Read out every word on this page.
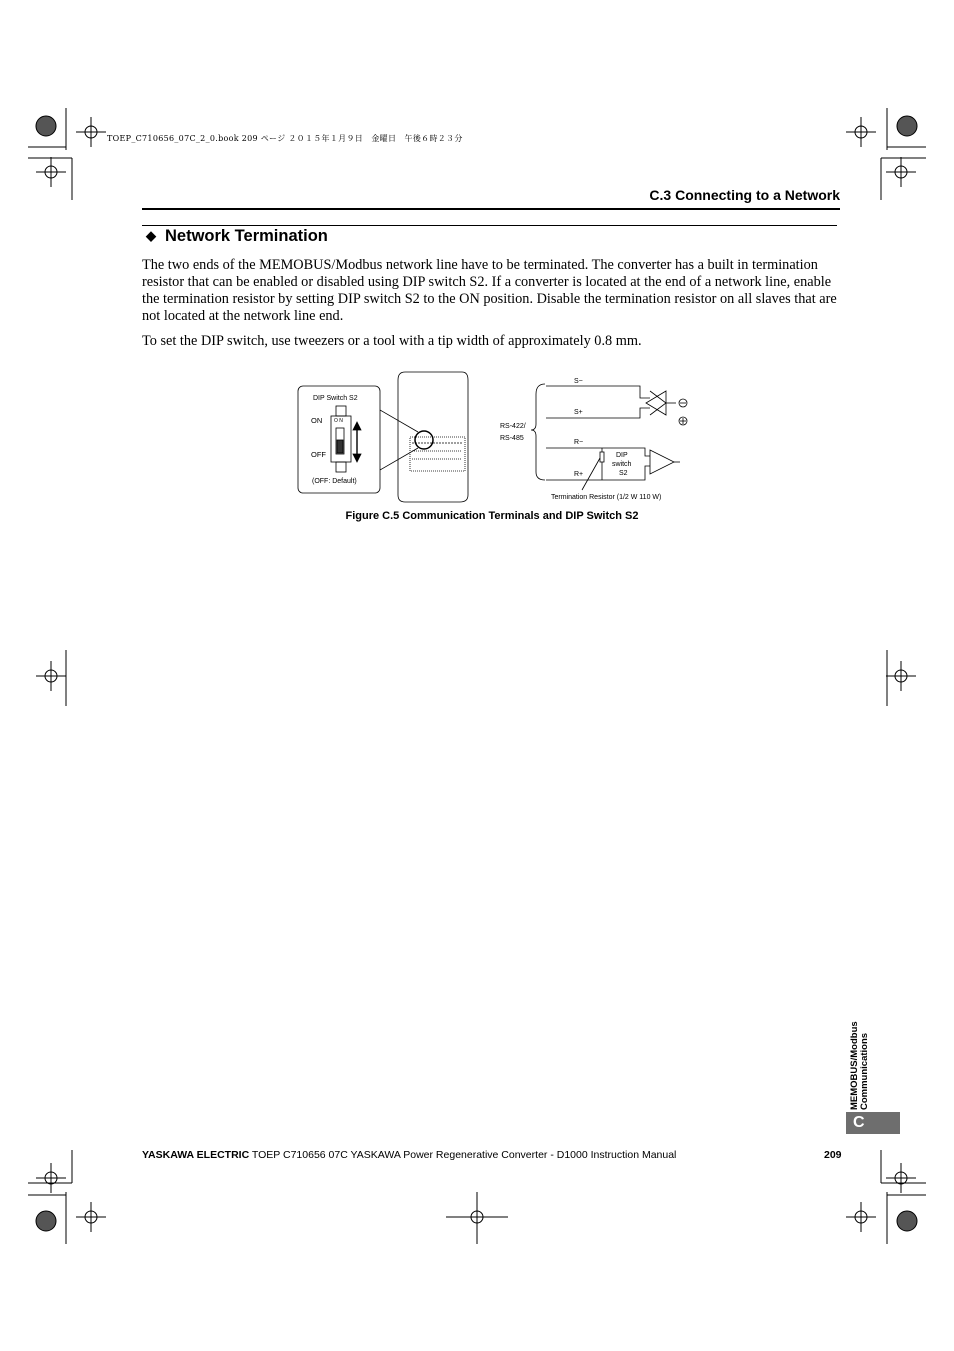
TOEP_C710656_07C_2_0.book 209 ページ ２０１５年１月９日　金曜日　午後６時２３分
C.3 Connecting to a Network
◆ Network Termination
The two ends of the MEMOBUS/Modbus network line have to be terminated. The converter has a built in termination resistor that can be enabled or disabled using DIP switch S2. If a converter is located at the end of a network line, enable the termination resistor by setting DIP switch S2 to the ON position. Disable the termination resistor on all slaves that are not located at the network line end.
To set the DIP switch, use tweezers or a tool with a tip width of approximately 0.8 mm.
DIP Switch S2
ON
OFF
O N
(OFF: Default)
RS-422/
RS-485
S−
S+
R−
R+
DIP
switch
S2
Termination Resistor (1/2 W 110 W)
Figure C.5 Communication Terminals and DIP Switch S2
MEMOBUS/Modbus Communications
C
YASKAWA ELECTRIC TOEP C710656 07C YASKAWA Power Regenerative Converter - D1000 Instruction Manual	209
